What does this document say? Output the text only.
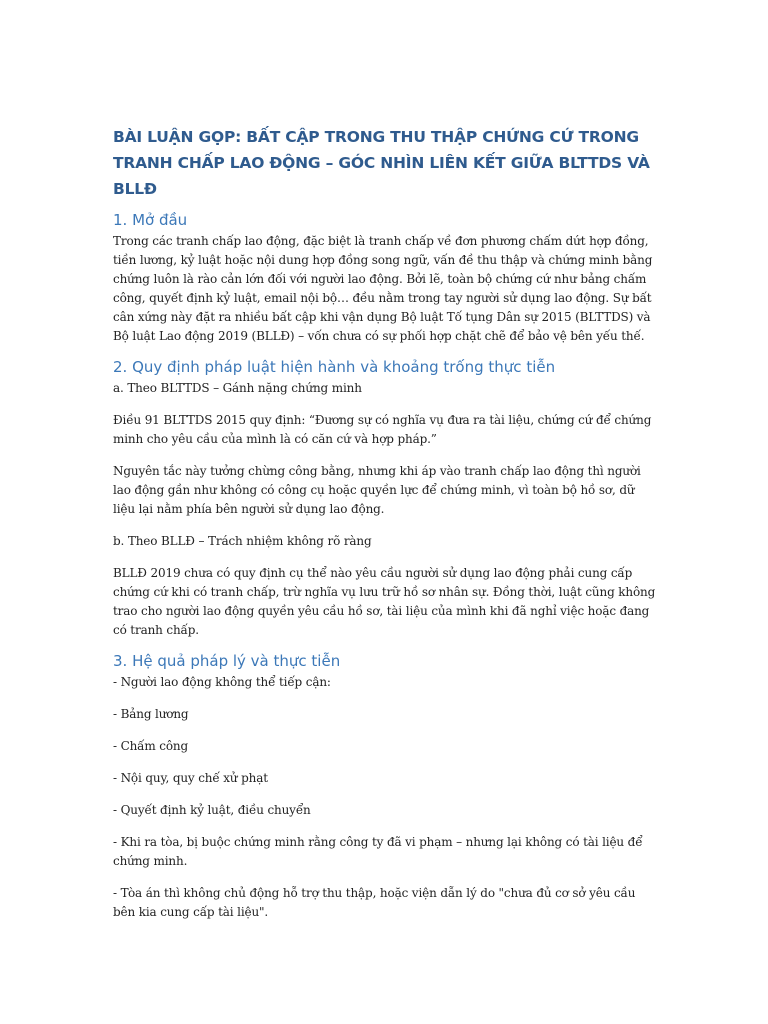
BÀI LUẬN GỌP: BẤT CẬP TRONG THU THẬP CHỨNG CỨ TRONG TRANH CHẤP LAO ĐỘNG – GÓC NHÌN LIÊN KẾT GIỮA BLTTDS VÀ BLLĐ
1. Mở đầu

Trong các tranh chấp lao động, đặc biệt là tranh chấp về đơn phương chấm dứt hợp đồng, tiền lương, kỷ luật hoặc nội dung hợp đồng song ngữ, vấn đề thu thập và chứng minh bằng chứng luôn là rào cản lớn đối với người lao động. Bởi lẽ, toàn bộ chứng cứ như bảng chấm công, quyết định kỷ luật, email nội bộ… đều nằm trong tay người sử dụng lao động. Sự bất cân xứng này đặt ra nhiều bất cập khi vận dụng Bộ luật Tố tụng Dân sự 2015 (BLTTDS) và Bộ luật Lao động 2019 (BLLĐ) – vốn chưa có sự phối hợp chặt chẽ để bảo vệ bên yếu thế.

2. Quy định pháp luật hiện hành và khoảng trống thực tiễn

a. Theo BLTTDS – Gánh nặng chứng minh

Điều 91 BLTTDS 2015 quy định: “Đương sự có nghĩa vụ đưa ra tài liệu, chứng cứ để chứng minh cho yêu cầu của mình là có căn cứ và hợp pháp.”

Nguyên tắc này tưởng chừng công bằng, nhưng khi áp vào tranh chấp lao động thì người lao động gần như không có công cụ hoặc quyền lực để chứng minh, vì toàn bộ hồ sơ, dữ liệu lại nằm phía bên người sử dụng lao động.

b. Theo BLLĐ – Trách nhiệm không rõ ràng

BLLĐ 2019 chưa có quy định cụ thể nào yêu cầu người sử dụng lao động phải cung cấp chứng cứ khi có tranh chấp, trừ nghĩa vụ lưu trữ hồ sơ nhân sự. Đồng thời, luật cũng không trao cho người lao động quyền yêu cầu hồ sơ, tài liệu của mình khi đã nghỉ việc hoặc đang có tranh chấp.

3. Hệ quả pháp lý và thực tiễn

- Người lao động không thể tiếp cận:

- Bảng lương

- Chấm công

- Nội quy, quy chế xử phạt

- Quyết định kỷ luật, điều chuyển

- Khi ra tòa, bị buộc chứng minh rằng công ty đã vi phạm – nhưng lại không có tài liệu để chứng minh.

- Tòa án thì không chủ động hỗ trợ thu thập, hoặc viện dẫn lý do "chưa đủ cơ sở yêu cầu bên kia cung cấp tài liệu".
